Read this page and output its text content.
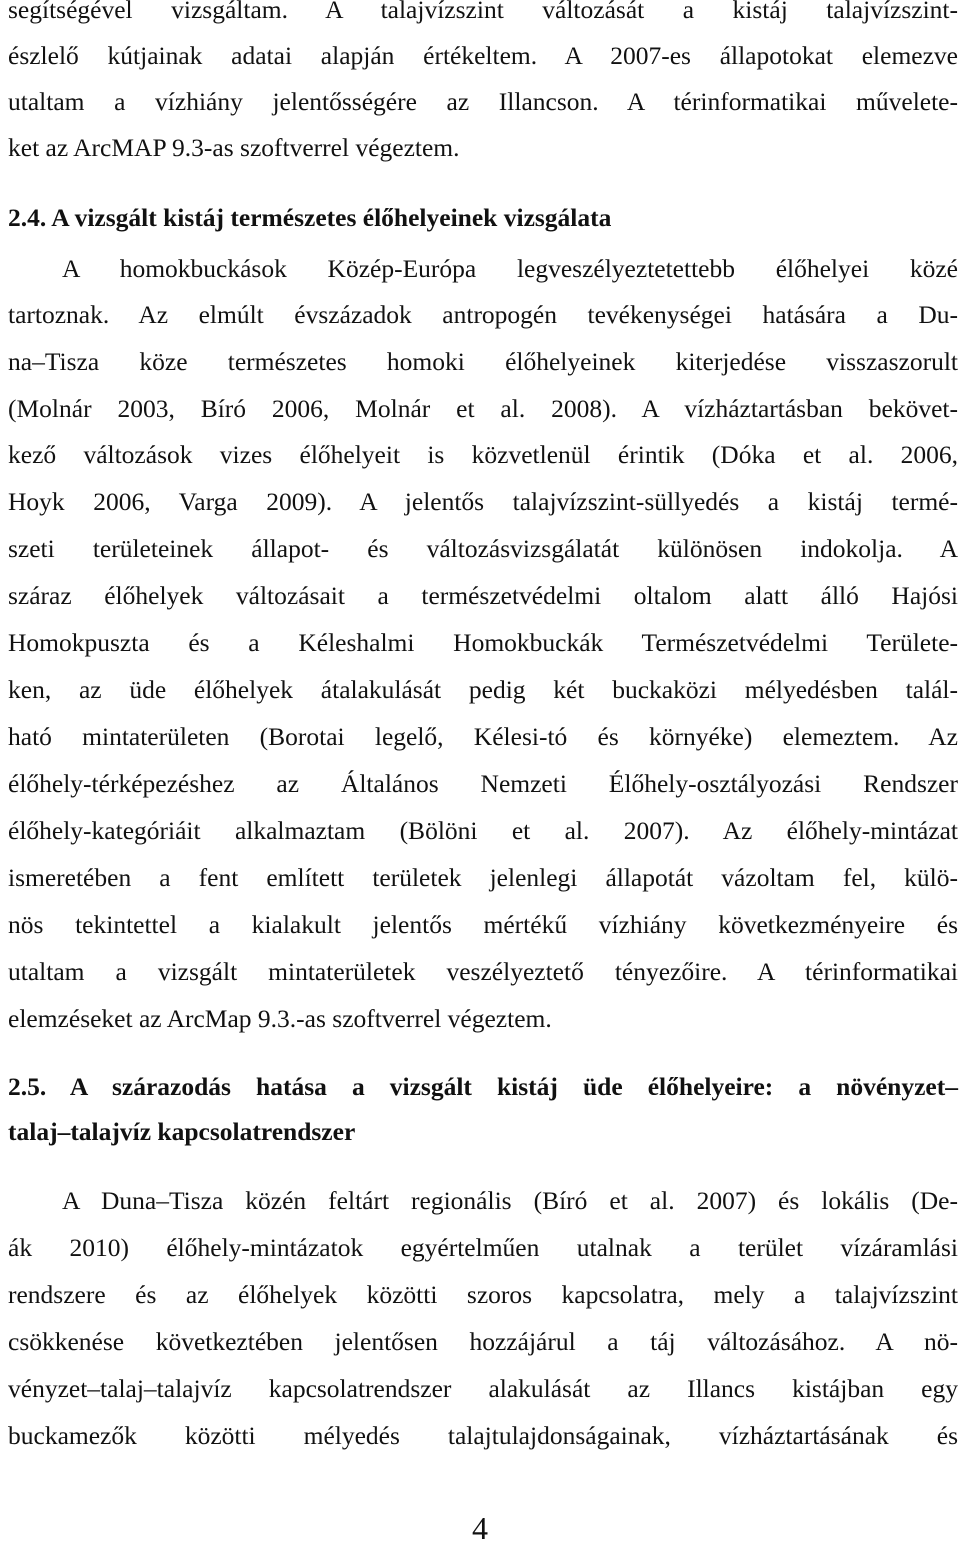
segítségével vizsgáltam. A talajvízszint változását a kistáj talajvízszint-
észlelő kútjainak adatai alapján értékeltem. A 2007-es állapotokat elemezve
utaltam a vízhiány jelentősségére az Illancson. A térinformatikai művelete-
ket az ArcMAP 9.3-as szoftverrel végeztem.
2.4. A vizsgált kistáj természetes élőhelyeinek vizsgálata
A homokbuckások Közép-Európa legveszélyeztetettebb élőhelyei közé
tartoznak. Az elmúlt évszázadok antropogén tevékenységei hatására a Du-
na–Tisza köze természetes homoki élőhelyeinek kiterjedése visszaszorult
(Molnár 2003, Bíró 2006, Molnár et al. 2008). A vízháztartásban bekövet-
kező változások vizes élőhelyeit is közvetlenül érintik (Dóka et al. 2006,
Hoyk 2006, Varga 2009). A jelentős talajvízszint-süllyedés a kistáj termé-
szeti területeinek állapot- és változásvizsgálatát különösen indokolja. A
száraz élőhelyek változásait a természetvédelmi oltalom alatt álló Hajósi
Homokpuszta és a Kéleshalmi Homokbuckák Természetvédelmi Területe-
ken, az üde élőhelyek átalakulását pedig két buckaközi mélyedésben talál-
ható mintaterületen (Borotai legelő, Kélesi-tó és környéke) elemeztem. Az
élőhely-térképezéshez az Általános Nemzeti Élőhely-osztályozási Rendszer
élőhely-kategóriáit alkalmaztam (Bölöni et al. 2007). Az élőhely-mintázat
ismeretében a fent említett területek jelenlegi állapotát vázoltam fel, külö-
nös tekintettel a kialakult jelentős mértékű vízhiány következményeire és
utaltam a vizsgált mintaterületek veszélyeztető tényezőire. A térinformatikai
elemzéseket az ArcMap 9.3.-as szoftverrel végeztem.
2.5. A szárazodás hatása a vizsgált kistáj üde élőhelyeire: a növényzet–
talaj–talajvíz kapcsolatrendszer
A Duna–Tisza közén feltárt regionális (Bíró et al. 2007) és lokális (De-
ák 2010) élőhely-mintázatok egyértelműen utalnak a terület vízáramlási
rendszere és az élőhelyek közötti szoros kapcsolatra, mely a talajvízszint
csökkenése következtében jelentősen hozzájárul a táj változásához. A nö-
vényzet–talaj–talajvíz kapcsolatrendszer alakulását az Illancs kistájban egy
buckamezők közötti mélyedés talajtulajdonságainak, vízháztartásának és
4
